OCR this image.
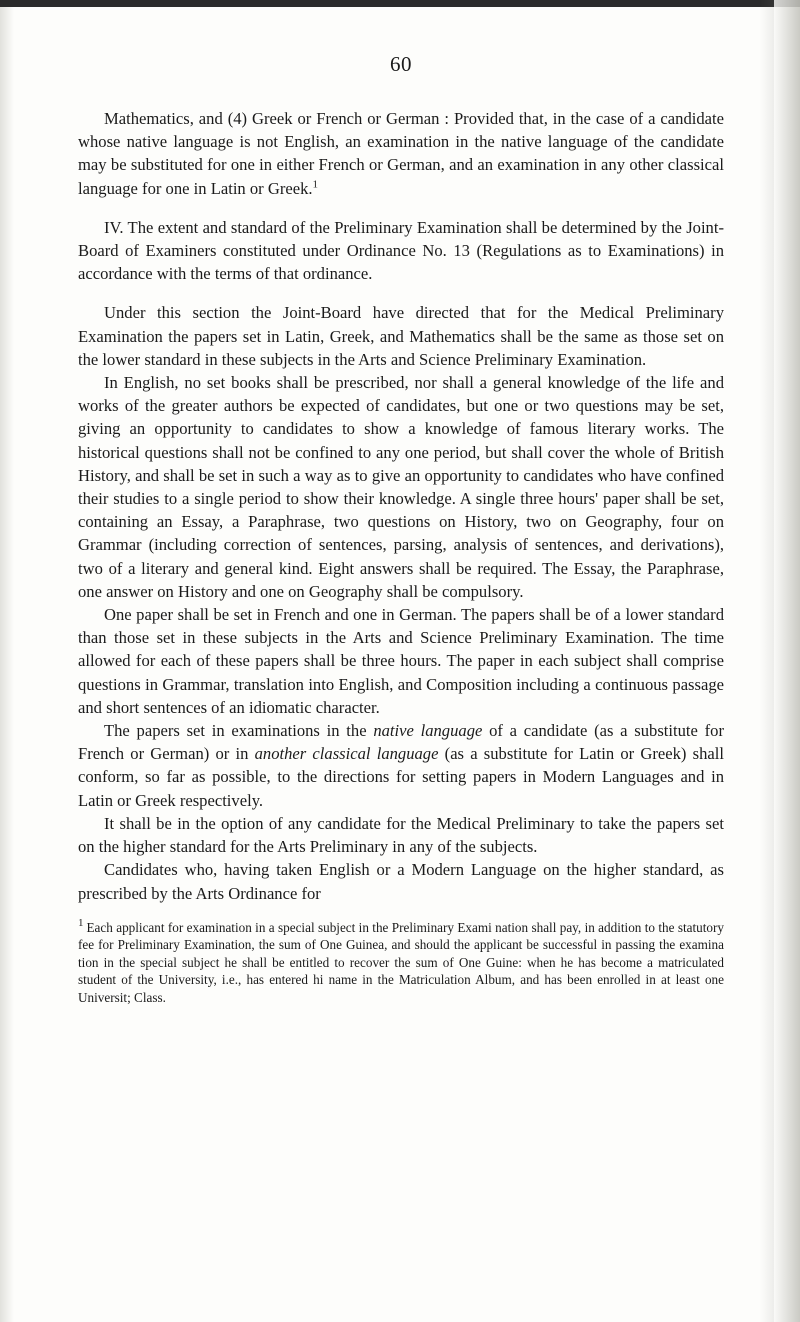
60

Mathematics, and (4) Greek or French or German : Provided that, in the case of a candidate whose native language is not English, an examination in the native language of the candidate may be substituted for one in either French or German, and an examination in any other classical language for one in Latin or Greek.$^1$

IV. The extent and standard of the Preliminary Examination shall be determined by the Joint-Board of Examiners constituted under Ordinance No. 13 (Regulations as to Examinations) in accordance with the terms of that ordinance.

Under this section the Joint-Board have directed that for the Medical Preliminary Examination the papers set in Latin, Greek, and Mathematics shall be the same as those set on the lower standard in these subjects in the Arts and Science Preliminary Examination.

In English, no set books shall be prescribed, nor shall a general knowledge of the life and works of the greater authors be expected of candidates, but one or two questions may be set, giving an opportunity to candidates to show a knowledge of famous literary works. The historical questions shall not be confined to any one period, but shall cover the whole of British History, and shall be set in such a way as to give an opportunity to candidates who have confined their studies to a single period to show their knowledge. A single three hours' paper shall be set, containing an Essay, a Paraphrase, two questions on History, two on Geography, four on Grammar (including correction of sentences, parsing, analysis of sentences, and derivations), two of a literary and general kind. Eight answers shall be required. The Essay, the Paraphrase, one answer on History and one on Geography shall be compulsory.

One paper shall be set in French and one in German. The papers shall be of a lower standard than those set in these subjects in the Arts and Science Preliminary Examination. The time allowed for each of these papers shall be three hours. The paper in each subject shall comprise questions in Grammar, translation into English, and Composition including a continuous passage and short sentences of an idiomatic character.

The papers set in examinations in the native language of a candidate (as a substitute for French or German) or in another classical language (as a substitute for Latin or Greek) shall conform, so far as possible, to the directions for setting papers in Modern Languages and in Latin or Greek respectively.

It shall be in the option of any candidate for the Medical Preliminary to take the papers set on the higher standard for the Arts Preliminary in any of the subjects.

Candidates who, having taken English or a Modern Language on the higher standard, as prescribed by the Arts Ordinance for

$^1$ Each applicant for examination in a special subject in the Preliminary Exami nation shall pay, in addition to the statutory fee for Preliminary Examination, the sum of One Guinea, and should the applicant be successful in passing the examina tion in the special subject he shall be entitled to recover the sum of One Guine: when he has become a matriculated student of the University, i.e., has entered hi name in the Matriculation Album, and has been enrolled in at least one Universit; Class.
